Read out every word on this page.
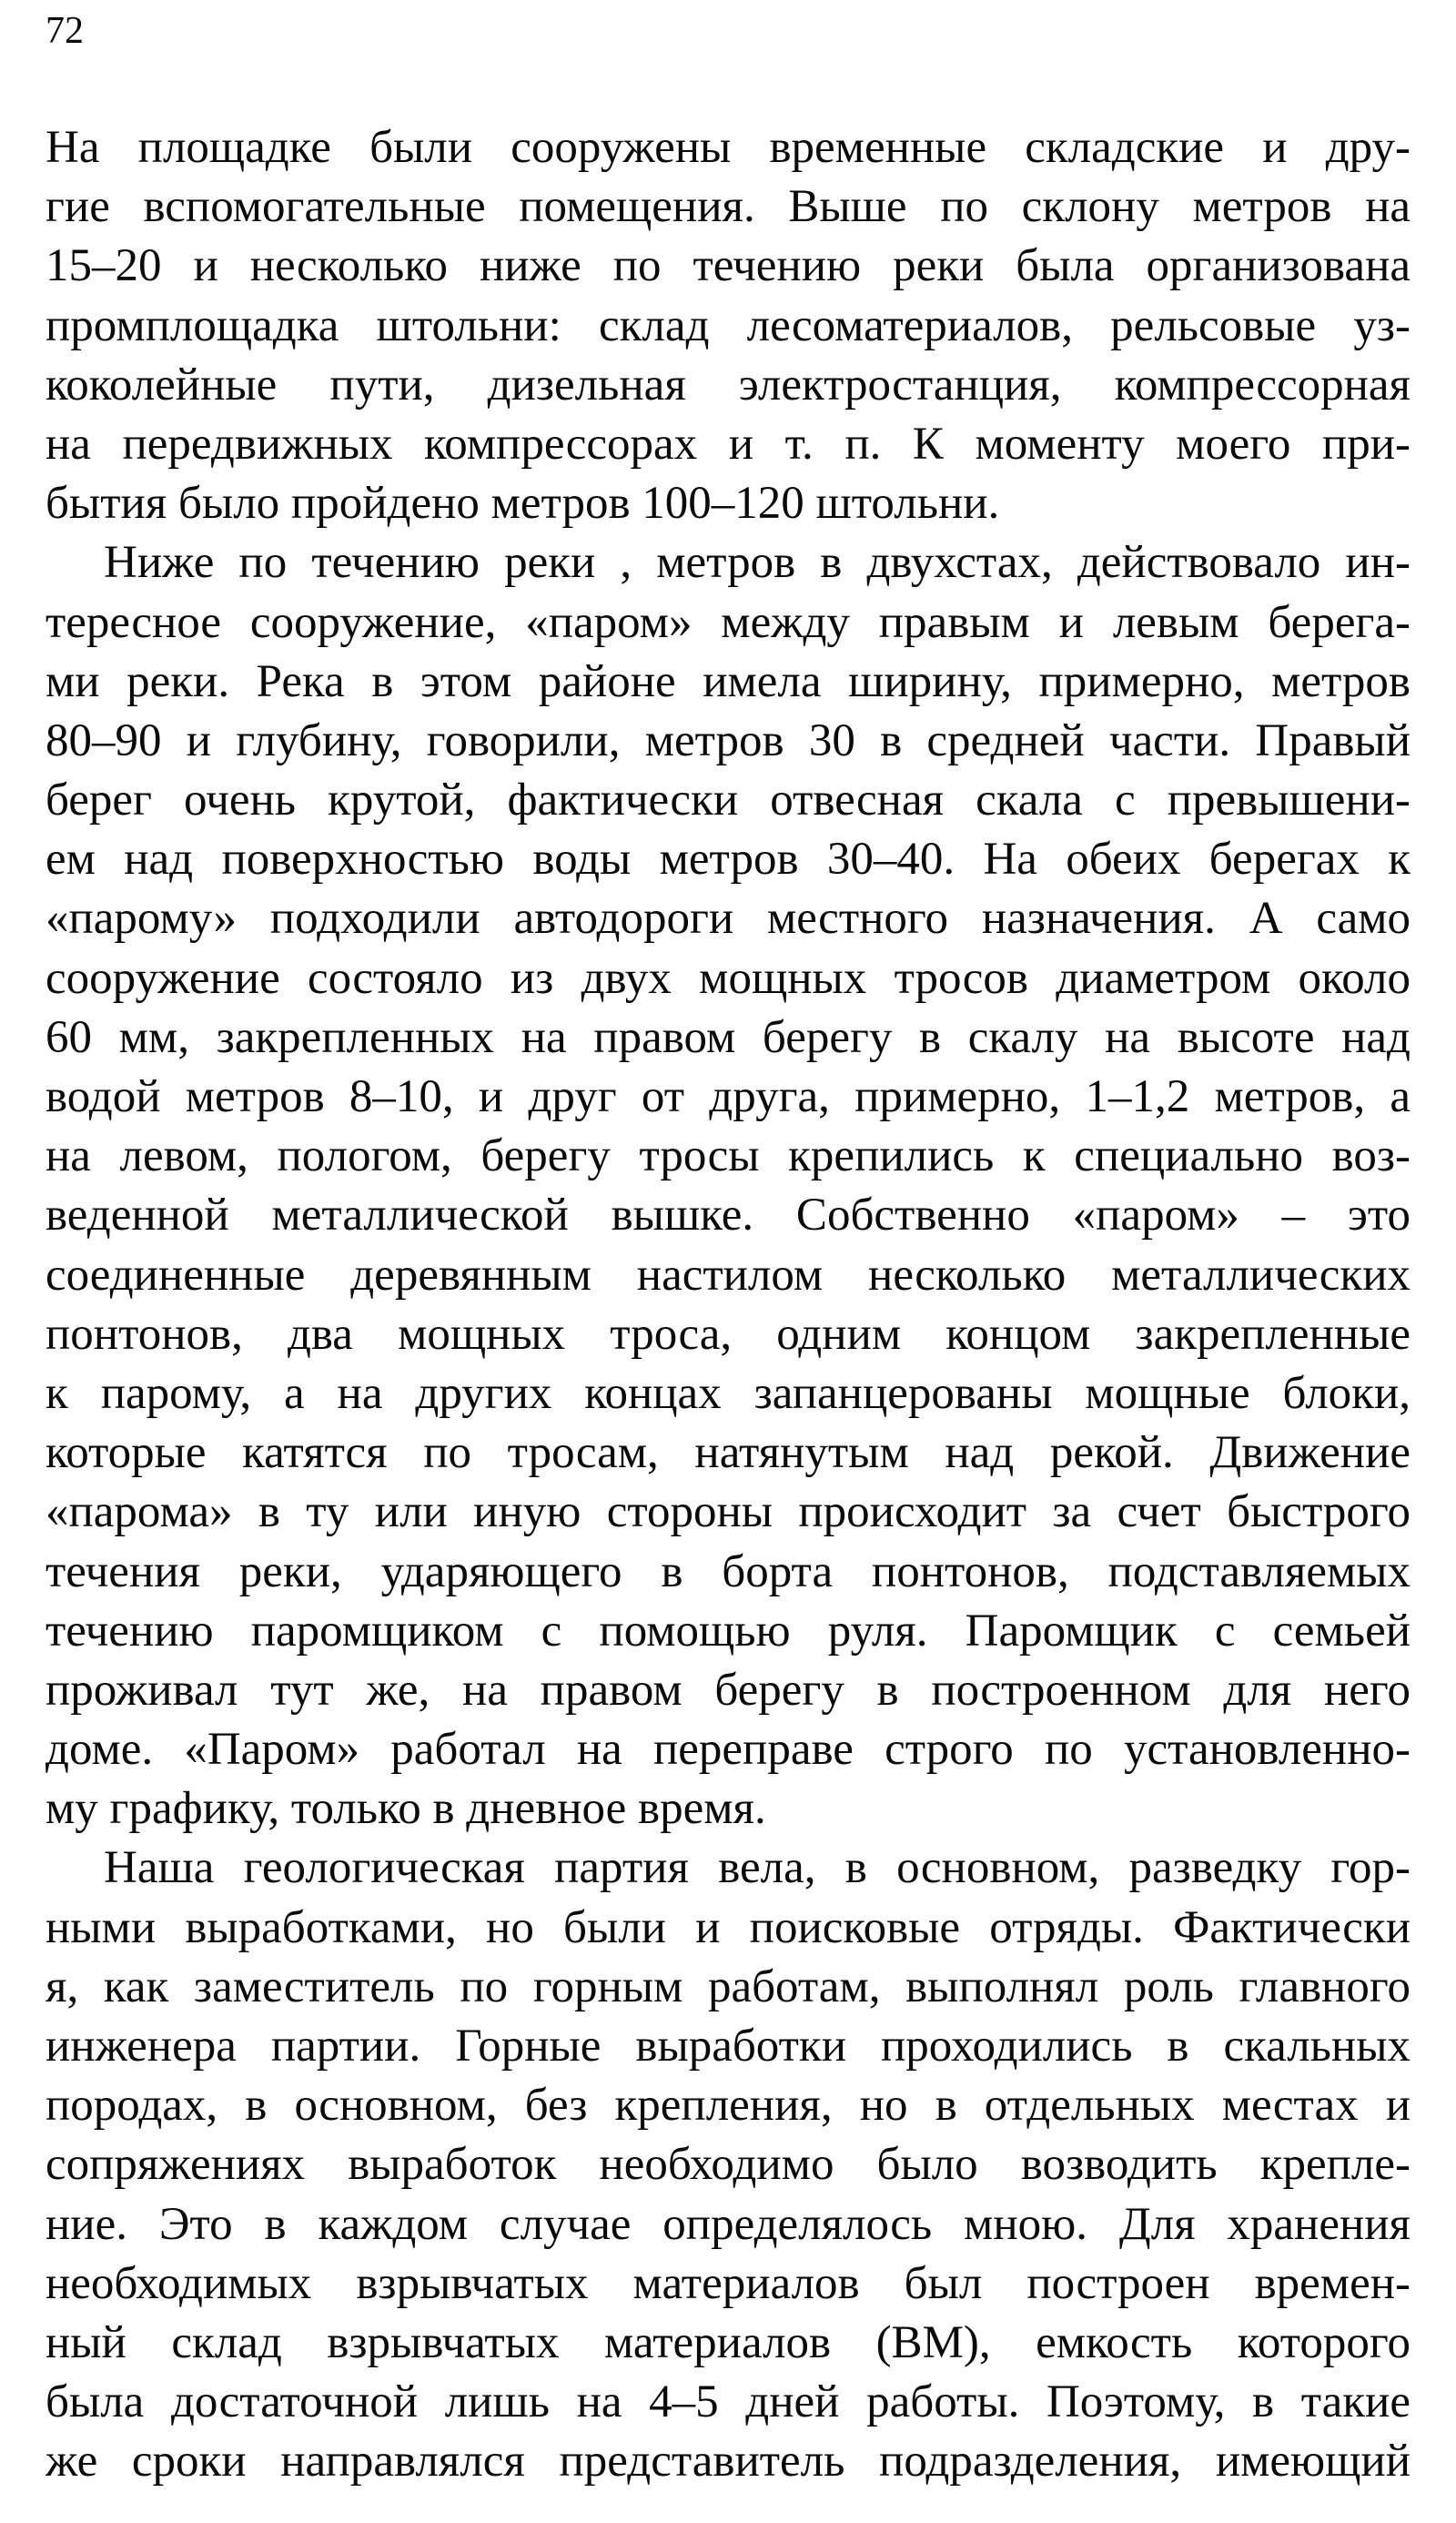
72
На площадке были сооружены временные складские и дру-
гие вспомогательные помещения. Выше по склону метров на
15–20 и несколько ниже по течению реки была организована
промплощадка штольни: склад лесоматериалов, рельсовые уз-
коколейные пути, дизельная электростанция, компрессорная
на передвижных компрессорах и т. п. К моменту моего при-
бытия было пройдено метров 100–120 штольни.
Ниже по течению реки , метров в двухстах, действовало ин-
тересное сооружение, «паром» между правым и левым берега-
ми реки. Река в этом районе имела ширину, примерно, метров
80–90 и глубину, говорили, метров 30 в средней части. Правый
берег очень крутой, фактически отвесная скала с превышени-
ем над поверхностью воды метров 30–40. На обеих берегах к
«парому» подходили автодороги местного назначения. А само
сооружение состояло из двух мощных тросов диаметром около
60 мм, закрепленных на правом берегу в скалу на высоте над
водой метров 8–10, и друг от друга, примерно, 1–1,2 метров, а
на левом, пологом, берегу тросы крепились к специально воз-
веденной металлической вышке. Собственно «паром» – это
соединенные деревянным настилом несколько металлических
понтонов, два мощных троса, одним концом закрепленные
к парому, а на других концах запанцерованы мощные блоки,
которые катятся по тросам, натянутым над рекой. Движение
«парома» в ту или иную стороны происходит за счет быстрого
течения реки, ударяющего в борта понтонов, подставляемых
течению паромщиком с помощью руля. Паромщик с семьей
проживал тут же, на правом берегу в построенном для него
доме. «Паром» работал на переправе строго по установленно-
му графику, только в дневное время.
Наша геологическая партия вела, в основном, разведку гор-
ными выработками, но были и поисковые отряды. Фактически
я, как заместитель по горным работам, выполнял роль главного
инженера партии. Горные выработки проходились в скальных
породах, в основном, без крепления, но в отдельных местах и
сопряжениях выработок необходимо было возводить крепле-
ние. Это в каждом случае определялось мною. Для хранения
необходимых взрывчатых материалов был построен времен-
ный склад взрывчатых материалов (ВМ), емкость которого
была достаточной лишь на 4–5 дней работы. Поэтому, в такие
же сроки направлялся представитель подразделения, имеющий
